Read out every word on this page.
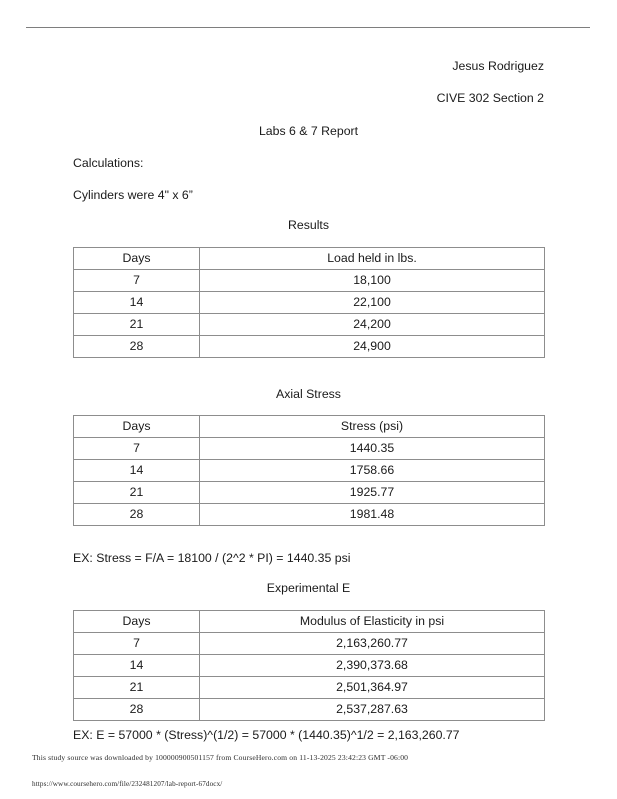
Jesus Rodriguez
CIVE 302 Section 2
Labs 6 & 7 Report
Calculations:
Cylinders were 4" x 6”
Results
Days	Load held in lbs.
7	18,100
14	22,100
21	24,200
28	24,900
Axial Stress
Days	Stress (psi)
7	1440.35
14	1758.66
21	1925.77
28	1981.48
EX: Stress = F/A = 18100 / (2^2 * PI) = 1440.35 psi
Experimental E
Days	Modulus of Elasticity in psi
7	2,163,260.77
14	2,390,373.68
21	2,501,364.97
28	2,537,287.63
EX: E = 57000 * (Stress)^(1/2) = 57000 * (1440.35)^1/2 = 2,163,260.77
This study source was downloaded by 100000900501157 from CourseHero.com on 11-13-2025 23:42:23 GMT -06:00
https://www.coursehero.com/file/232481207/lab-report-67docx/
